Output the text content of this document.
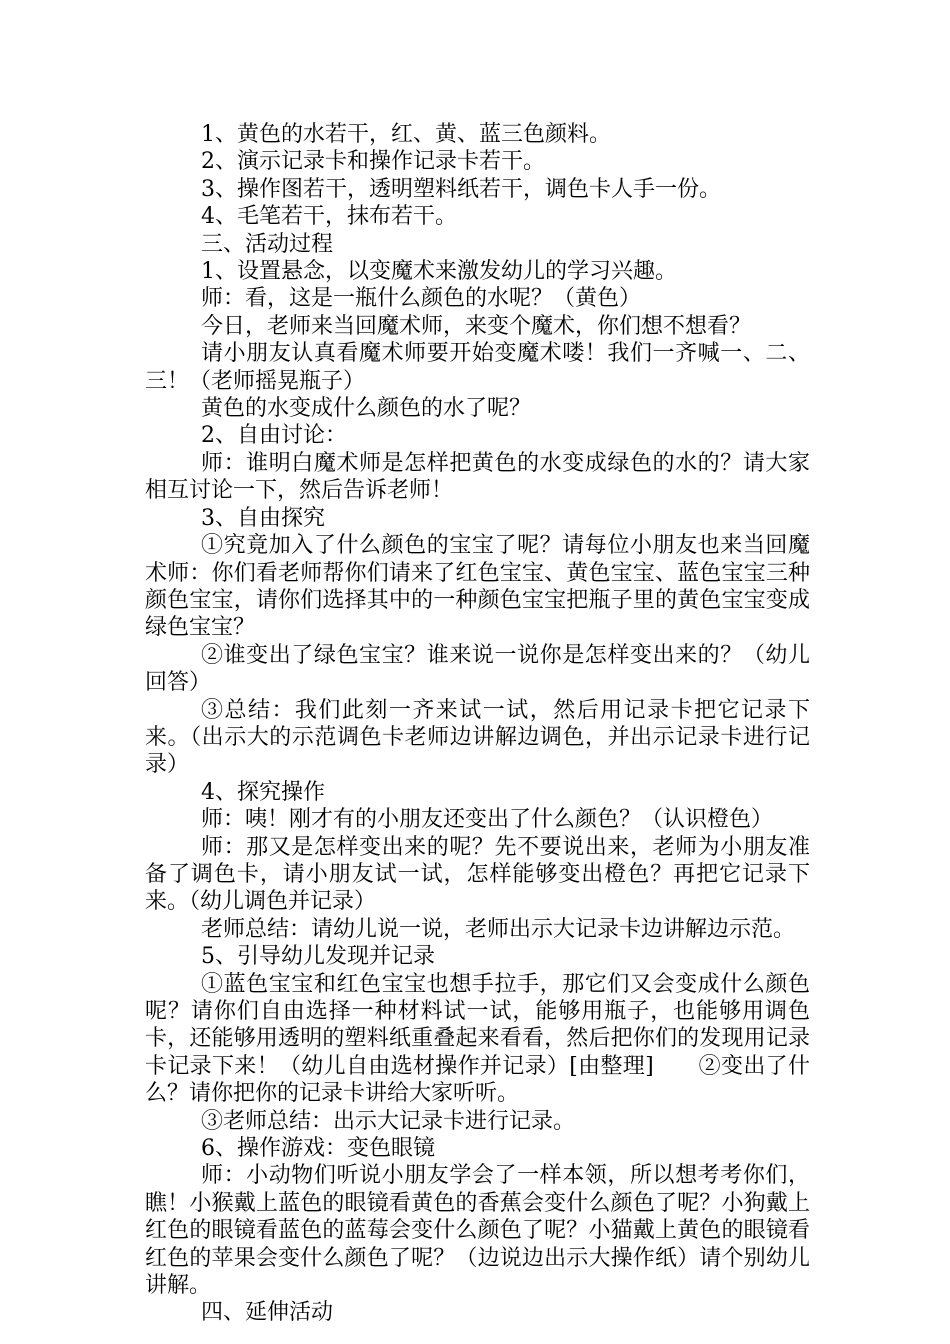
1、黄色的水若干，红、黄、蓝三色颜料。

2、演示记录卡和操作记录卡若干。

3、操作图若干，透明塑料纸若干，调色卡人手一份。

4、毛笔若干，抹布若干。

三、活动过程

1、设置悬念，以变魔术来激发幼儿的学习兴趣。

师：看，这是一瓶什么颜色的水呢？（黄色）

今日，老师来当回魔术师，来变个魔术，你们想不想看？

请小朋友认真看魔术师要开始变魔术喽！我们一齐喊一、二、三！（老师摇晃瓶子）

黄色的水变成什么颜色的水了呢？

2、自由讨论：

师：谁明白魔术师是怎样把黄色的水变成绿色的水的？请大家相互讨论一下，然后告诉老师！

3、自由探究

①究竟加入了什么颜色的宝宝了呢？请每位小朋友也来当回魔术师：你们看老师帮你们请来了红色宝宝、黄色宝宝、蓝色宝宝三种颜色宝宝，请你们选择其中的一种颜色宝宝把瓶子里的黄色宝宝变成绿色宝宝？

②谁变出了绿色宝宝？谁来说一说你是怎样变出来的？（幼儿回答）

③总结：我们此刻一齐来试一试，然后用记录卡把它记录下来。（出示大的示范调色卡老师边讲解边调色，并出示记录卡进行记录）

4、探究操作

师：咦！刚才有的小朋友还变出了什么颜色？（认识橙色）

师：那又是怎样变出来的呢？先不要说出来，老师为小朋友准备了调色卡，请小朋友试一试，怎样能够变出橙色？再把它记录下来。（幼儿调色并记录）

老师总结：请幼儿说一说，老师出示大记录卡边讲解边示范。

5、引导幼儿发现并记录

①蓝色宝宝和红色宝宝也想手拉手，那它们又会变成什么颜色呢？请你们自由选择一种材料试一试，能够用瓶子，也能够用调色卡，还能够用透明的塑料纸重叠起来看看，然后把你们的发现用记录卡记录下来！（幼儿自由选材操作并记录）[由整理]　　②变出了什么？请你把你的记录卡讲给大家听听。

③老师总结：出示大记录卡进行记录。

6、操作游戏：变色眼镜

师：小动物们听说小朋友学会了一样本领，所以想考考你们，瞧！小猴戴上蓝色的眼镜看黄色的香蕉会变什么颜色了呢？小狗戴上红色的眼镜看蓝色的蓝莓会变什么颜色了呢？小猫戴上黄色的眼镜看红色的苹果会变什么颜色了呢？（边说边出示大操作纸）请个别幼儿讲解。

四、延伸活动
